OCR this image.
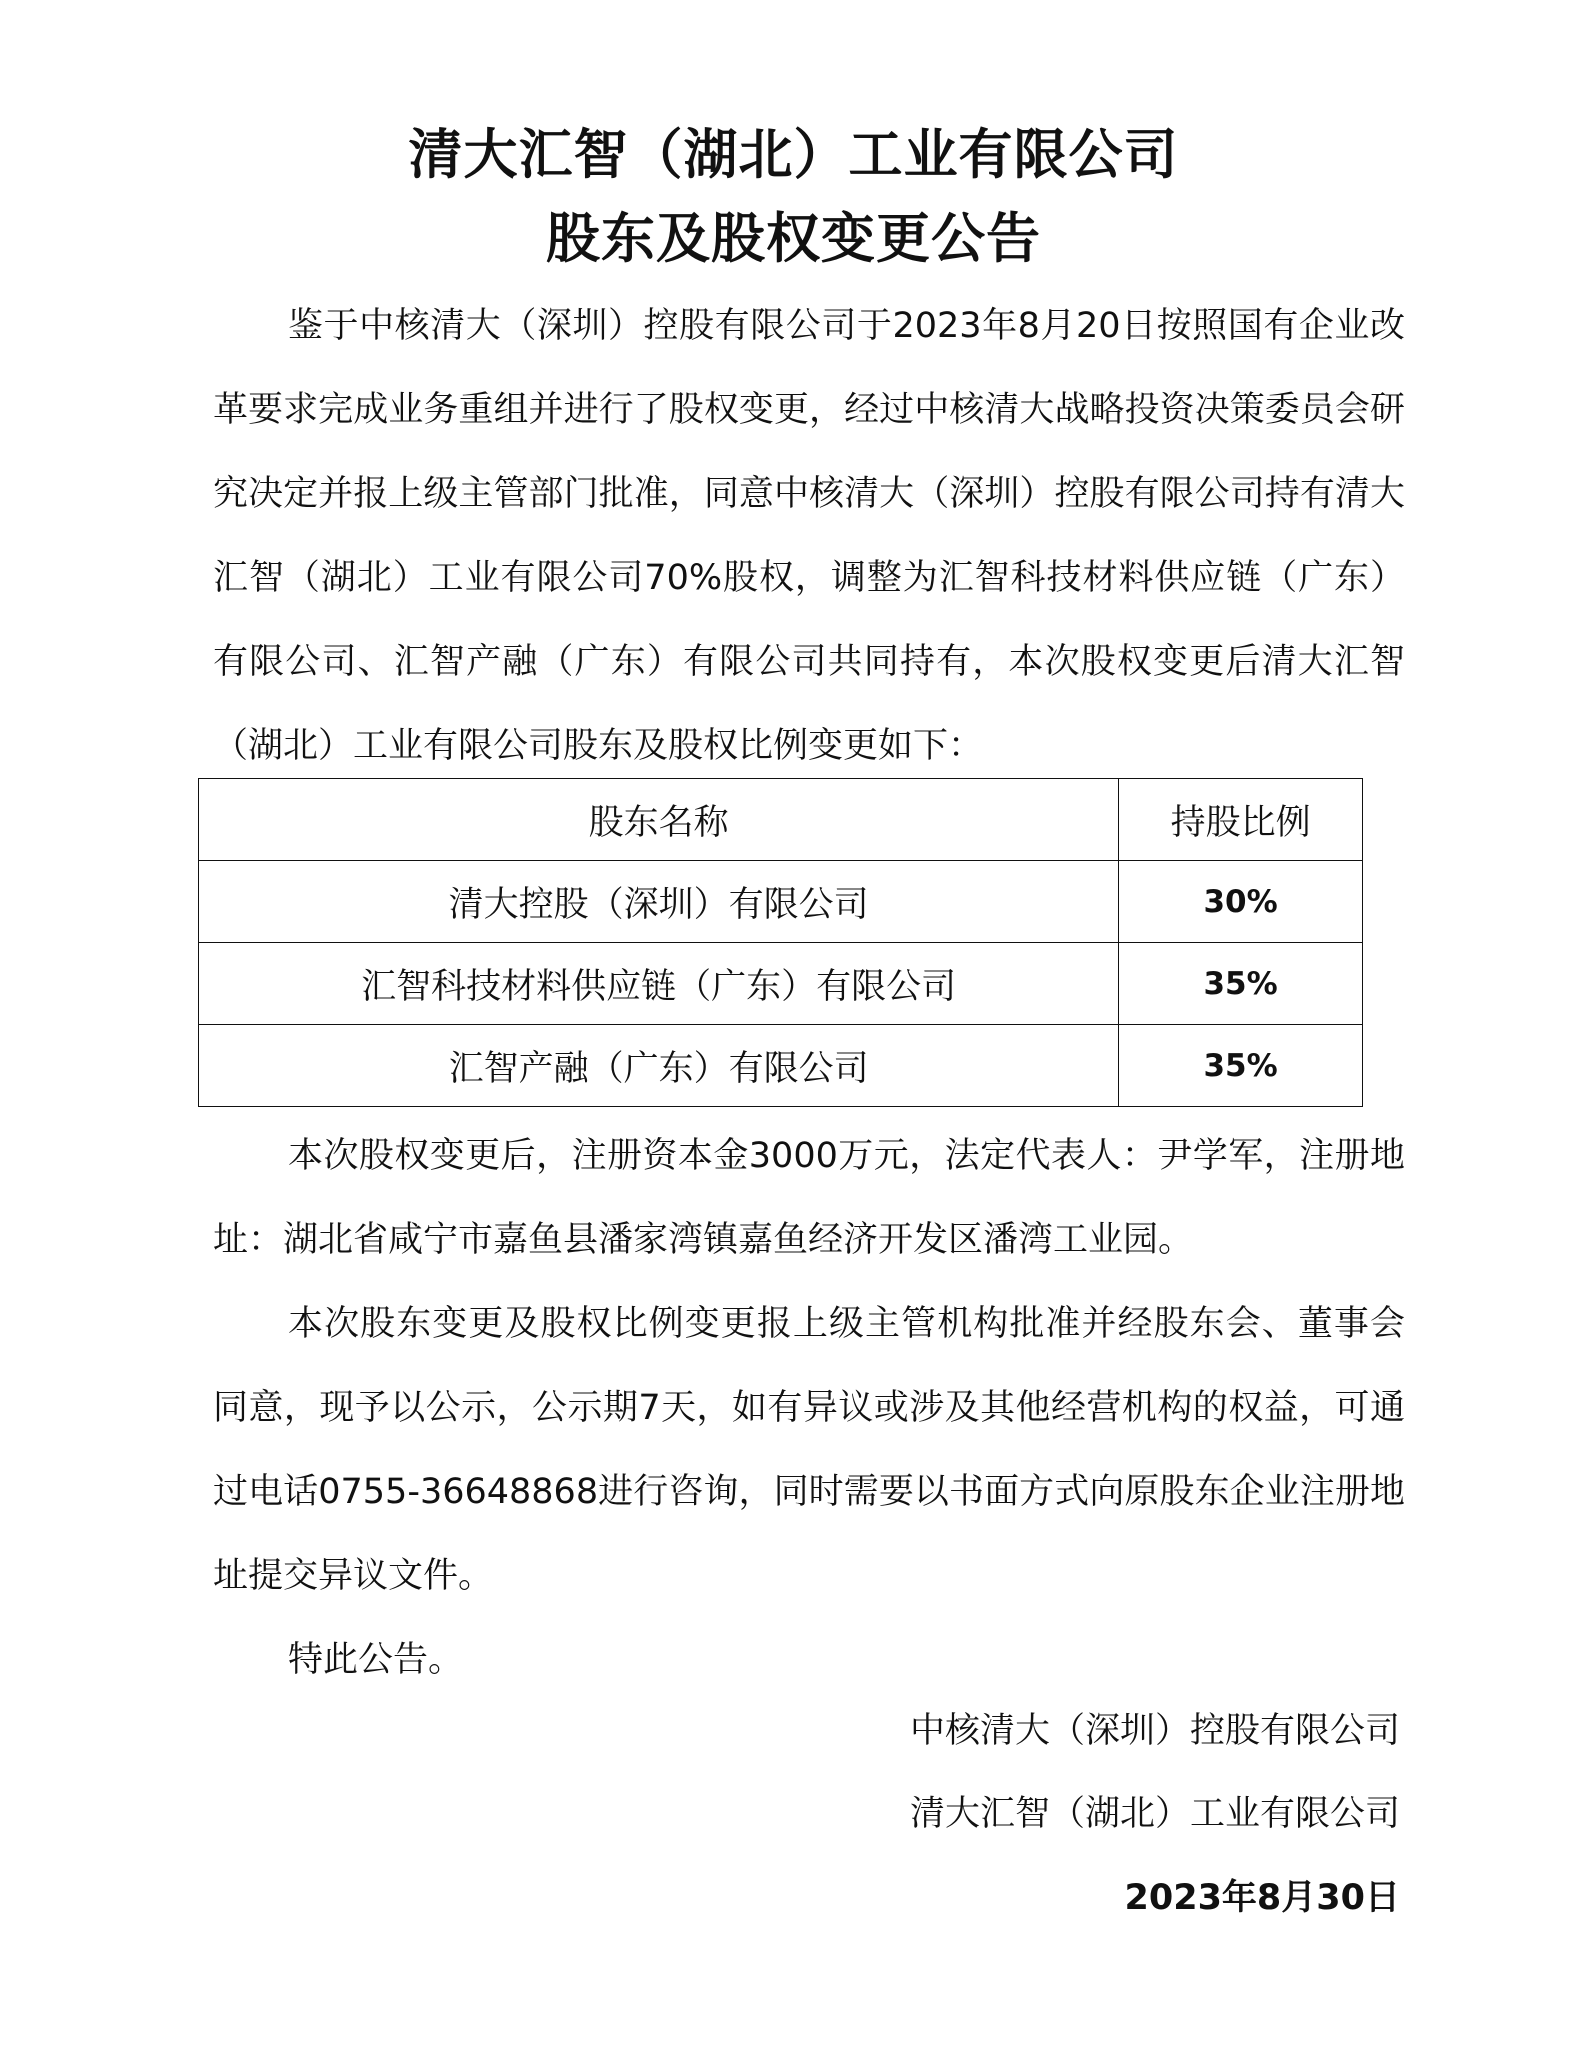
清大汇智（湖北）工业有限公司
股东及股权变更公告

鉴于中核清大（深圳）控股有限公司于2023年8月20日按照国有企业改革要求完成业务重组并进行了股权变更，经过中核清大战略投资决策委员会研究决定并报上级主管部门批准，同意中核清大（深圳）控股有限公司持有清大汇智（湖北）工业有限公司70%股权，调整为汇智科技材料供应链（广东）有限公司、汇智产融（广东）有限公司共同持有，本次股权变更后清大汇智（湖北）工业有限公司股东及股权比例变更如下：

股东名称	持股比例
清大控股（深圳）有限公司	30%
汇智科技材料供应链（广东）有限公司	35%
汇智产融（广东）有限公司	35%

本次股权变更后，注册资本金3000万元，法定代表人：尹学军，注册地址：湖北省咸宁市嘉鱼县潘家湾镇嘉鱼经济开发区潘湾工业园。

本次股东变更及股权比例变更报上级主管机构批准并经股东会、董事会同意，现予以公示，公示期7天，如有异议或涉及其他经营机构的权益，可通过电话0755-36648868进行咨询，同时需要以书面方式向原股东企业注册地址提交异议文件。

特此公告。

中核清大（深圳）控股有限公司
清大汇智（湖北）工业有限公司
2023年8月30日
